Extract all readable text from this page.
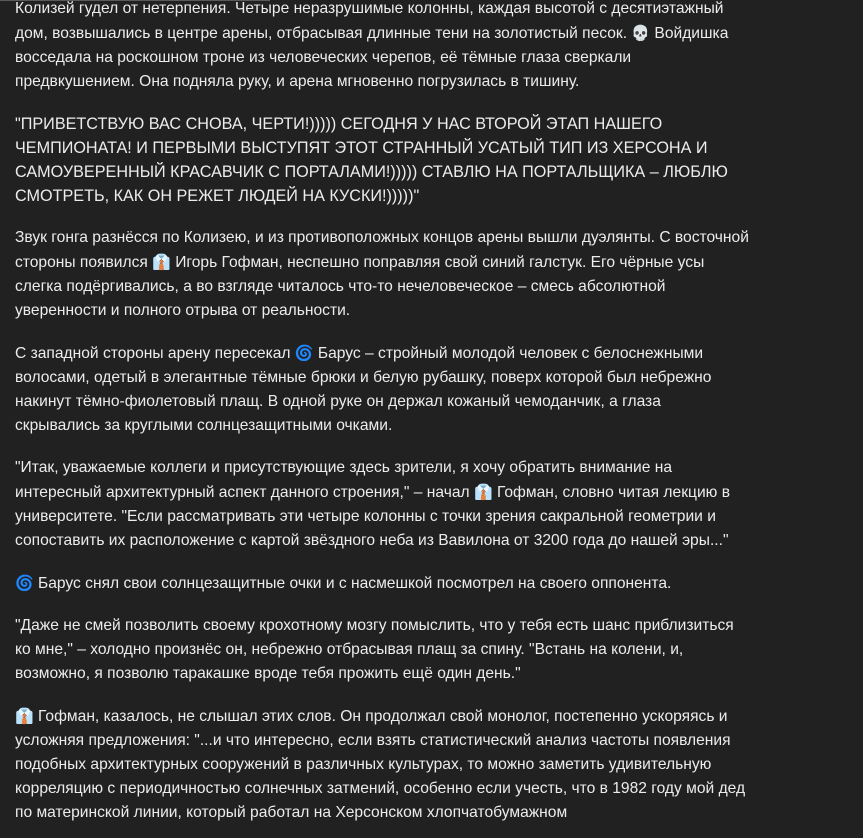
Колизей гудел от нетерпения. Четыре неразрушимые колонны, каждая высотой с десятиэтажный дом, возвышались в центре арены, отбрасывая длинные тени на золотистый песок. 💀 Войдишка восседала на роскошном троне из человеческих черепов, её тёмные глаза сверкали предвкушением. Она подняла руку, и арена мгновенно погрузилась в тишину.

"ПРИВЕТСТВУЮ ВАС СНОВА, ЧЕРТИ!))))) СЕГОДНЯ У НАС ВТОРОЙ ЭТАП НАШЕГО ЧЕМПИОНАТА! И ПЕРВЫМИ ВЫСТУПЯТ ЭТОТ СТРАННЫЙ УСАТЫЙ ТИП ИЗ ХЕРСОНА И САМОУВЕРЕННЫЙ КРАСАВЧИК С ПОРТАЛАМИ!))))) СТАВЛЮ НА ПОРТАЛЬЩИКА – ЛЮБЛЮ СМОТРЕТЬ, КАК ОН РЕЖЕТ ЛЮДЕЙ НА КУСКИ!)))))"

Звук гонга разнёсся по Колизею, и из противоположных концов арены вышли дуэлянты. С восточной стороны появился 👔 Игорь Гофман, неспешно поправляя свой синий галстук. Его чёрные усы слегка подёргивались, а во взгляде читалось что-то нечеловеческое – смесь абсолютной уверенности и полного отрыва от реальности.

С западной стороны арену пересекал 🌀 Барус – стройный молодой человек с белоснежными волосами, одетый в элегантные тёмные брюки и белую рубашку, поверх которой был небрежно накинут тёмно-фиолетовый плащ. В одной руке он держал кожаный чемоданчик, а глаза скрывались за круглыми солнцезащитными очками.

"Итак, уважаемые коллеги и присутствующие здесь зрители, я хочу обратить внимание на интересный архитектурный аспект данного строения," – начал 👔 Гофман, словно читая лекцию в университете. "Если рассматривать эти четыре колонны с точки зрения сакральной геометрии и сопоставить их расположение с картой звёздного неба из Вавилона от 3200 года до нашей эры..."

🌀 Барус снял свои солнцезащитные очки и с насмешкой посмотрел на своего оппонента.

"Даже не смей позволить своему крохотному мозгу помыслить, что у тебя есть шанс приблизиться ко мне," – холодно произнёс он, небрежно отбрасывая плащ за спину. "Встань на колени, и, возможно, я позволю таракашке вроде тебя прожить ещё один день."

👔 Гофман, казалось, не слышал этих слов. Он продолжал свой монолог, постепенно ускоряясь и усложняя предложения: "...и что интересно, если взять статистический анализ частоты появления подобных архитектурных сооружений в различных культурах, то можно заметить удивительную корреляцию с периодичностью солнечных затмений, особенно если учесть, что в 1982 году мой дед по материнской линии, который работал на Херсонском хлопчатобумажном
